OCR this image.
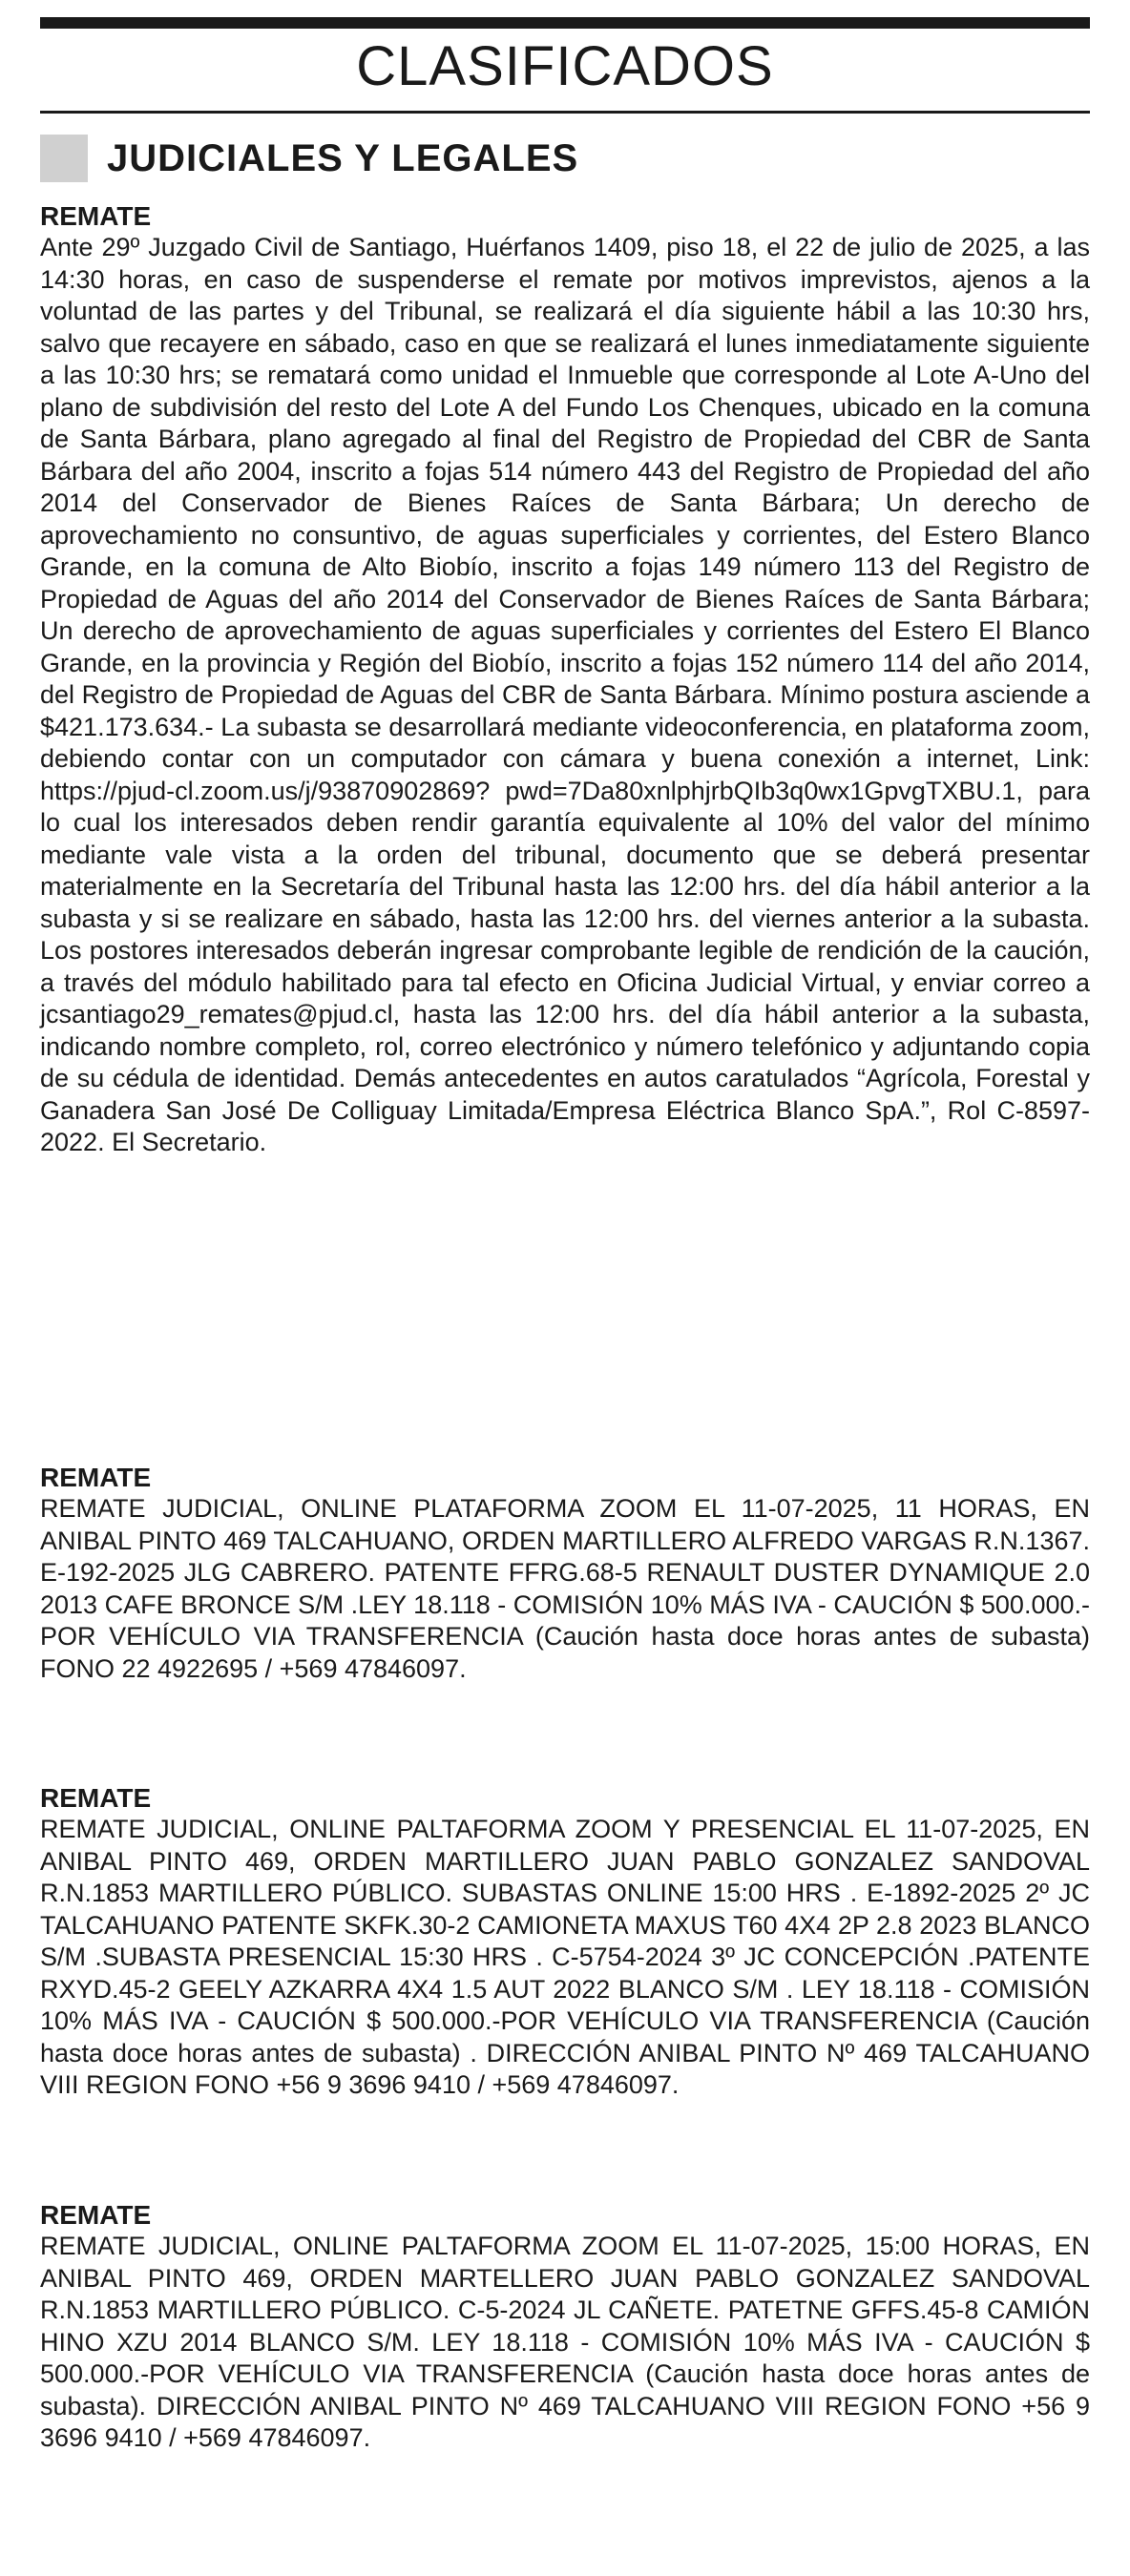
CLASIFICADOS
JUDICIALES Y LEGALES

REMATE

Ante 29º Juzgado Civil de Santiago, Huérfanos 1409, piso 18, el 22 de julio de 2025, a las 14:30 horas, en caso de suspenderse el remate por motivos imprevistos, ajenos a la voluntad de las partes y del Tribunal, se realizará el día siguiente hábil a las 10:30 hrs, salvo que recayere en sábado, caso en que se realizará el lunes inmediatamente siguiente a las 10:30 hrs; se rematará como unidad el Inmueble que corresponde al Lote A-Uno del plano de subdivisión del resto del Lote A del Fundo Los Chenques, ubicado en la comuna de Santa Bárbara, plano agregado al final del Registro de Propiedad del CBR de Santa Bárbara del año 2004, inscrito a fojas 514 número 443 del Registro de Propiedad del año 2014 del Conservador de Bienes Raíces de Santa Bárbara; Un derecho de aprovechamiento no consuntivo, de aguas superficiales y corrientes, del Estero Blanco Grande, en la comuna de Alto Biobío, inscrito a fojas 149 número 113 del Registro de Propiedad de Aguas del año 2014 del Conservador de Bienes Raíces de Santa Bárbara; Un derecho de aprovechamiento de aguas superficiales y corrientes del Estero El Blanco Grande, en la provincia y Región del Biobío, inscrito a fojas 152 número 114 del año 2014, del Registro de Propiedad de Aguas del CBR de Santa Bárbara. Mínimo postura asciende a $421.173.634.- La subasta se desarrollará mediante videoconferencia, en plataforma zoom, debiendo contar con un computador con cámara y buena conexión a internet, Link: https://pjud-cl.zoom.us/j/93870902869? pwd=7Da80xnlphjrbQIb3q0wx1GpvgTXBU.1, para lo cual los interesados deben rendir garantía equivalente al 10% del valor del mínimo mediante vale vista a la orden del tribunal, documento que se deberá presentar materialmente en la Secretaría del Tribunal hasta las 12:00 hrs. del día hábil anterior a la subasta y si se realizare en sábado, hasta las 12:00 hrs. del viernes anterior a la subasta. Los postores interesados deberán ingresar comprobante legible de rendición de la caución, a través del módulo habilitado para tal efecto en Oficina Judicial Virtual, y enviar correo a jcsantiago29_remates@pjud.cl, hasta las 12:00 hrs. del día hábil anterior a la subasta, indicando nombre completo, rol, correo electrónico y número telefónico y adjuntando copia de su cédula de identidad. Demás antecedentes en autos caratulados “Agrícola, Forestal y Ganadera San José De Colliguay Limitada/Empresa Eléctrica Blanco SpA.”, Rol C-8597-2022. El Secretario.

REMATE

REMATE JUDICIAL, ONLINE PLATAFORMA ZOOM EL 11-07-2025, 11 HORAS, EN ANIBAL PINTO 469 TALCAHUANO, ORDEN MARTILLERO ALFREDO VARGAS R.N.1367. E-192-2025 JLG CABRERO. PATENTE FFRG.68-5 RENAULT DUSTER DYNAMIQUE 2.0 2013 CAFE BRONCE S/M .LEY 18.118 - COMISIÓN 10% MÁS IVA - CAUCIÓN $ 500.000.-POR VEHÍCULO VIA TRANSFERENCIA (Caución hasta doce horas antes de subasta) FONO 22 4922695 / +569 47846097.

REMATE

REMATE JUDICIAL, ONLINE PALTAFORMA ZOOM Y PRESENCIAL EL 11-07-2025, EN ANIBAL PINTO 469, ORDEN MARTILLERO JUAN PABLO GONZALEZ SANDOVAL R.N.1853 MARTILLERO PÚBLICO. SUBASTAS ONLINE 15:00 HRS . E-1892-2025 2º JC TALCAHUANO PATENTE SKFK.30-2 CAMIONETA MAXUS T60 4X4 2P 2.8 2023 BLANCO S/M .SUBASTA PRESENCIAL 15:30 HRS . C-5754-2024 3º JC CONCEPCIÓN .PATENTE RXYD.45-2 GEELY AZKARRA 4X4 1.5 AUT 2022 BLANCO S/M . LEY 18.118 - COMISIÓN 10% MÁS IVA - CAUCIÓN $ 500.000.-POR VEHÍCULO VIA TRANSFERENCIA (Caución hasta doce horas antes de subasta) . DIRECCIÓN ANIBAL PINTO Nº 469 TALCAHUANO VIII REGION FONO +56 9 3696 9410 / +569 47846097.

REMATE

REMATE JUDICIAL, ONLINE PALTAFORMA ZOOM EL 11-07-2025, 15:00 HORAS, EN ANIBAL PINTO 469, ORDEN MARTELLERO JUAN PABLO GONZALEZ SANDOVAL R.N.1853 MARTILLERO PÚBLICO. C-5-2024 JL CAÑETE. PATETNE GFFS.45-8 CAMIÓN HINO XZU 2014 BLANCO S/M. LEY 18.118 - COMISIÓN 10% MÁS IVA - CAUCIÓN $ 500.000.-POR VEHÍCULO VIA TRANSFERENCIA (Caución hasta doce horas antes de subasta). DIRECCIÓN ANIBAL PINTO Nº 469 TALCAHUANO VIII REGION FONO +56 9 3696 9410 / +569 47846097.
